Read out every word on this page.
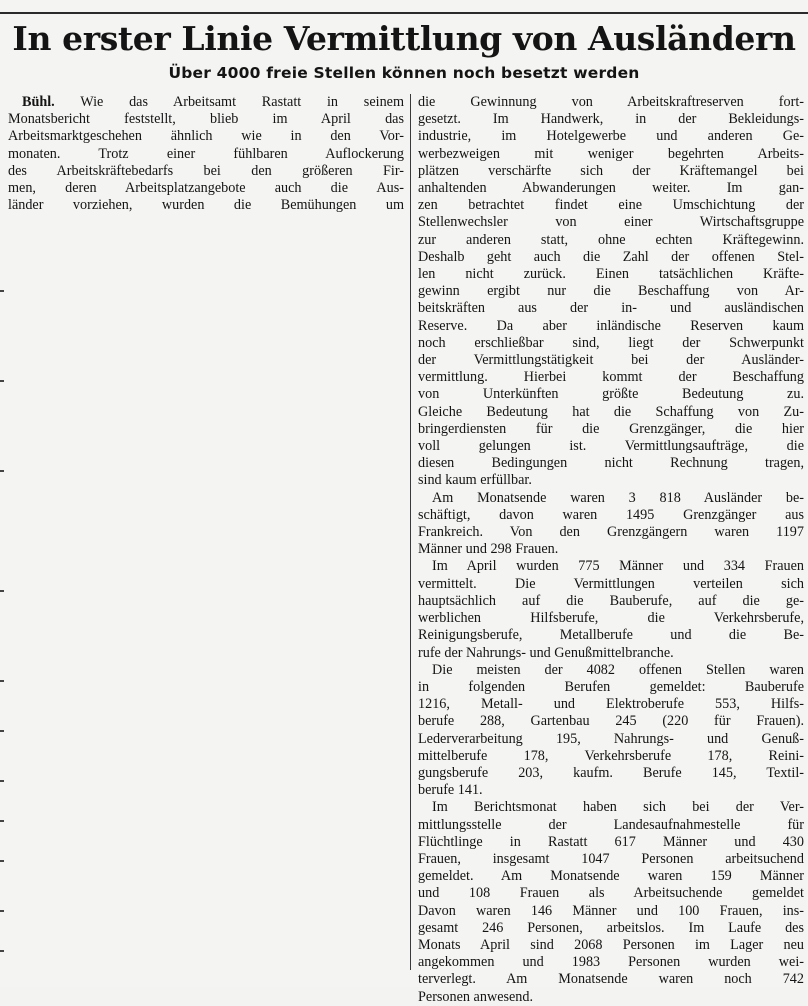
In erster Linie Vermittlung von Ausländern
Über 4000 freie Stellen können noch besetzt werden
Bühl. Wie das Arbeitsamt Rastatt in seinem
Monatsbericht feststellt, blieb im April das
Arbeitsmarktgeschehen ähnlich wie in den Vor-
monaten. Trotz einer fühlbaren Auflockerung
des Arbeitskräftebedarfs bei den größeren Fir-
men, deren Arbeitsplatzangebote auch die Aus-
länder vorziehen, wurden die Bemühungen um
die Gewinnung von Arbeitskraftreserven fort-
gesetzt. Im Handwerk, in der Bekleidungs-
industrie, im Hotelgewerbe und anderen Ge-
werbezweigen mit weniger begehrten Arbeits-
plätzen verschärfte sich der Kräftemangel bei
anhaltenden Abwanderungen weiter. Im gan-
zen betrachtet findet eine Umschichtung der
Stellenwechsler von einer Wirtschaftsgruppe
zur anderen statt, ohne echten Kräftegewinn.
Deshalb geht auch die Zahl der offenen Stel-
len nicht zurück. Einen tatsächlichen Kräfte-
gewinn ergibt nur die Beschaffung von Ar-
beitskräften aus der in- und ausländischen
Reserve. Da aber inländische Reserven kaum
noch erschließbar sind, liegt der Schwerpunkt
der Vermittlungstätigkeit bei der Ausländer-
vermittlung. Hierbei kommt der Beschaffung
von Unterkünften größte Bedeutung zu.
Gleiche Bedeutung hat die Schaffung von Zu-
bringerdiensten für die Grenzgänger, die hier
voll gelungen ist. Vermittlungsaufträge, die
diesen Bedingungen nicht Rechnung tragen,
sind kaum erfüllbar.
Am Monatsende waren 3 818 Ausländer be-
schäftigt, davon waren 1495 Grenzgänger aus
Frankreich. Von den Grenzgängern waren 1197
Männer und 298 Frauen.
Im April wurden 775 Männer und 334 Frauen
vermittelt. Die Vermittlungen verteilen sich
hauptsächlich auf die Bauberufe, auf die ge-
werblichen Hilfsberufe, die Verkehrsberufe,
Reinigungsberufe, Metallberufe und die Be-
rufe der Nahrungs- und Genußmittelbranche.
Die meisten der 4082 offenen Stellen waren
in folgenden Berufen gemeldet: Bauberufe
1216, Metall- und Elektroberufe 553, Hilfs-
berufe 288, Gartenbau 245 (220 für Frauen).
Lederverarbeitung 195, Nahrungs- und Genuß-
mittelberufe 178, Verkehrsberufe 178, Reini-
gungsberufe 203, kaufm. Berufe 145, Textil-
berufe 141.
Im Berichtsmonat haben sich bei der Ver-
mittlungsstelle der Landesaufnahmestelle für
Flüchtlinge in Rastatt 617 Männer und 430
Frauen, insgesamt 1047 Personen arbeitsuchend
gemeldet. Am Monatsende waren 159 Männer
und 108 Frauen als Arbeitsuchende gemeldet
Davon waren 146 Männer und 100 Frauen, ins-
gesamt 246 Personen, arbeitslos. Im Laufe des
Monats April sind 2068 Personen im Lager neu
angekommen und 1983 Personen wurden wei-
terverlegt. Am Monatsende waren noch 742
Personen anwesend.
